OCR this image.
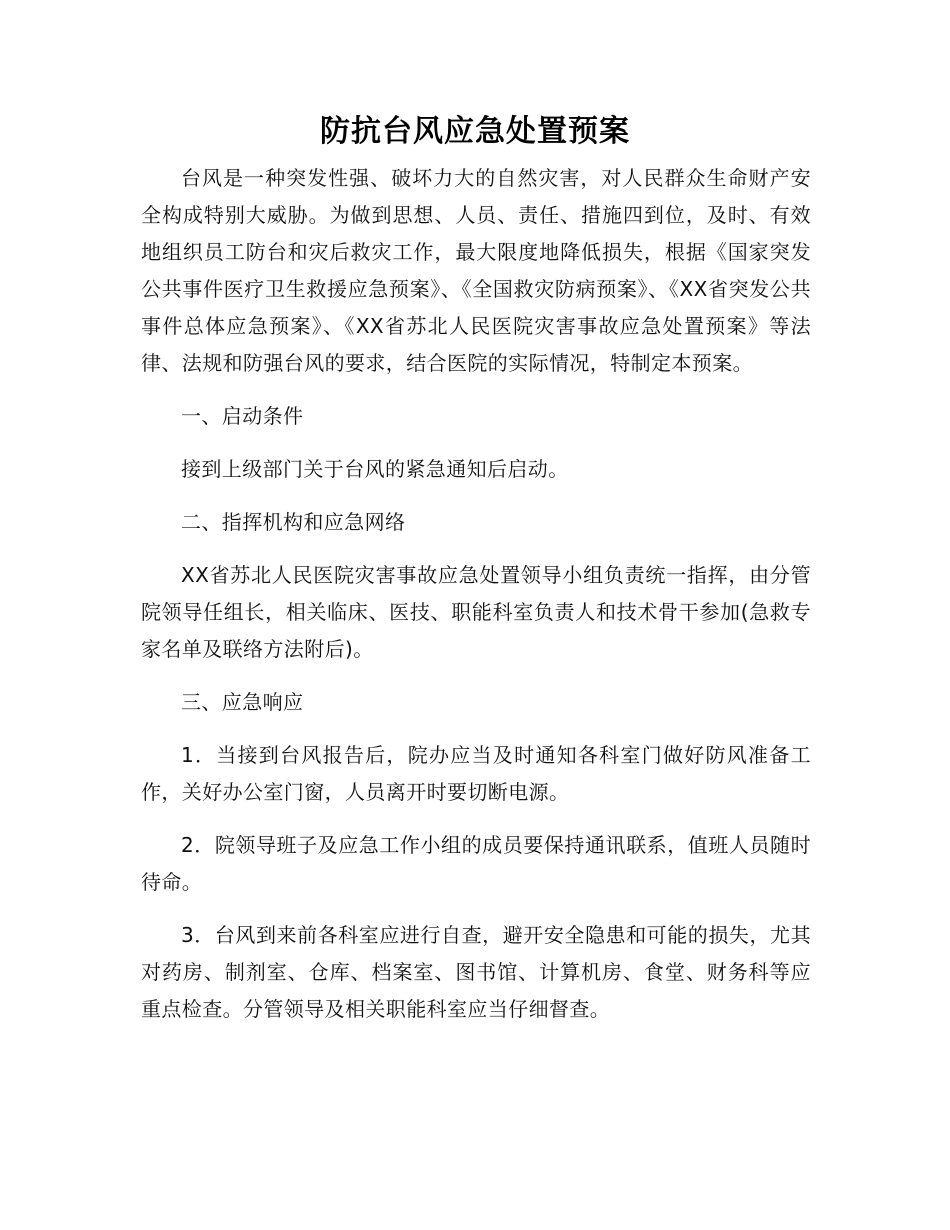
防抗台风应急处置预案

台风是一种突发性强、破坏力大的自然灾害，对人民群众生命财产安全构成特别大威胁。为做到思想、人员、责任、措施四到位，及时、有效地组织员工防台和灾后救灾工作，最大限度地降低损失，根据《国家突发公共事件医疗卫生救援应急预案》、《全国救灾防病预案》、《XX省突发公共事件总体应急预案》、《XX省苏北人民医院灾害事故应急处置预案》等法律、法规和防强台风的要求，结合医院的实际情况，特制定本预案。

一、启动条件

接到上级部门关于台风的紧急通知后启动。

二、指挥机构和应急网络

XX省苏北人民医院灾害事故应急处置领导小组负责统一指挥，由分管院领导任组长，相关临床、医技、职能科室负责人和技术骨干参加(急救专家名单及联络方法附后)。

三、应急响应

1．当接到台风报告后，院办应当及时通知各科室门做好防风准备工作，关好办公室门窗，人员离开时要切断电源。

2．院领导班子及应急工作小组的成员要保持通讯联系，值班人员随时待命。

3．台风到来前各科室应进行自查，避开安全隐患和可能的损失，尤其对药房、制剂室、仓库、档案室、图书馆、计算机房、食堂、财务科等应重点检查。分管领导及相关职能科室应当仔细督查。
